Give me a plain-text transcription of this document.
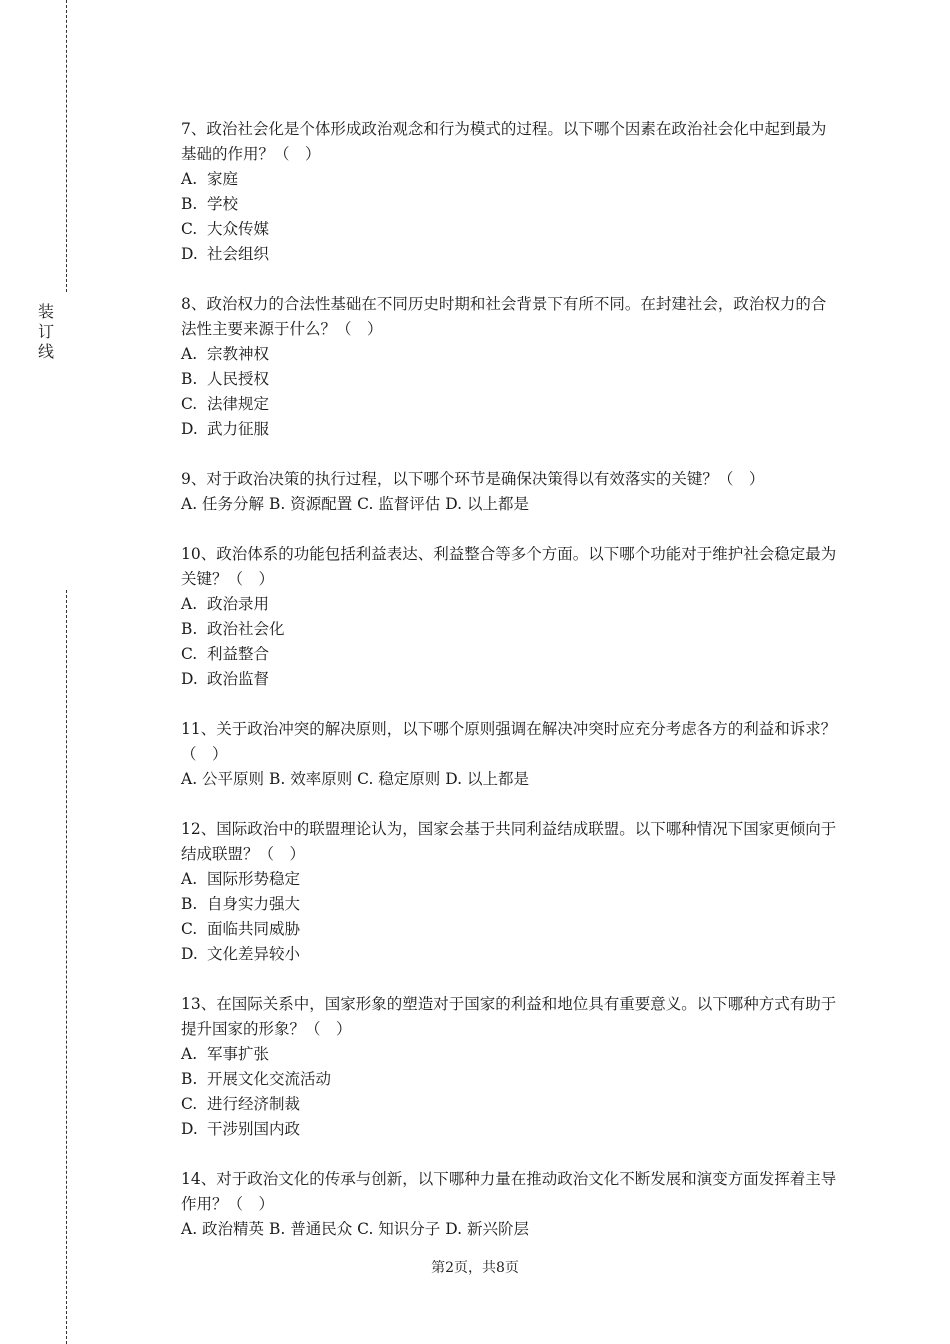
装
订
线

7、政治社会化是个体形成政治观念和行为模式的过程。以下哪个因素在政治社会化中起到最为基础的作用？（　）

A. 家庭

B. 学校

C. 大众传媒

D. 社会组织

8、政治权力的合法性基础在不同历史时期和社会背景下有所不同。在封建社会，政治权力的合法性主要来源于什么？（　）

A. 宗教神权

B. 人民授权

C. 法律规定

D. 武力征服

9、对于政治决策的执行过程，以下哪个环节是确保决策得以有效落实的关键？（　）

A. 任务分解 B. 资源配置 C. 监督评估 D. 以上都是

10、政治体系的功能包括利益表达、利益整合等多个方面。以下哪个功能对于维护社会稳定最为关键？（　）

A. 政治录用

B. 政治社会化

C. 利益整合

D. 政治监督

11、关于政治冲突的解决原则，以下哪个原则强调在解决冲突时应充分考虑各方的利益和诉求？（　）

A. 公平原则 B. 效率原则 C. 稳定原则 D. 以上都是

12、国际政治中的联盟理论认为，国家会基于共同利益结成联盟。以下哪种情况下国家更倾向于结成联盟？（　）

A. 国际形势稳定

B. 自身实力强大

C. 面临共同威胁

D. 文化差异较小

13、在国际关系中，国家形象的塑造对于国家的利益和地位具有重要意义。以下哪种方式有助于提升国家的形象？（　）

A. 军事扩张

B. 开展文化交流活动

C. 进行经济制裁

D. 干涉别国内政

14、对于政治文化的传承与创新，以下哪种力量在推动政治文化不断发展和演变方面发挥着主导作用？（　）

A. 政治精英 B. 普通民众 C. 知识分子 D. 新兴阶层

第2页，共8页
